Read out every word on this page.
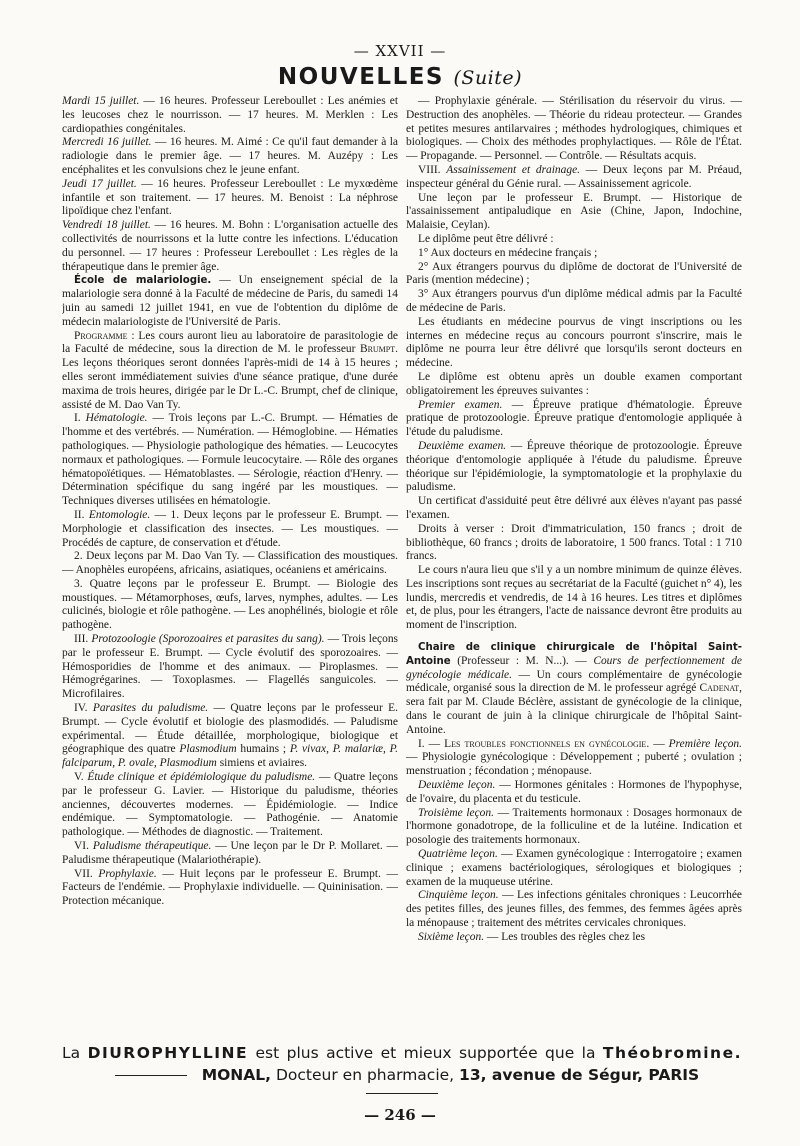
— XXVII —
NOUVELLES (Suite)

Mardi 15 juillet. — 16 heures. Professeur Lereboullet : Les anémies et les leucoses chez le nourrisson. — 17 heures. M. Merklen : Les cardiopathies congénitales.

Mercredi 16 juillet. — 16 heures. M. Aimé : Ce qu'il faut demander à la radiologie dans le premier âge. — 17 heures. M. Auzépy : Les encéphalites et les convulsions chez le jeune enfant.

Jeudi 17 juillet. — 16 heures. Professeur Lereboullet : Le myxœdème infantile et son traitement. — 17 heures. M. Benoist : La néphrose lipoïdique chez l'enfant.

Vendredi 18 juillet. — 16 heures. M. Bohn : L'organisation actuelle des collectivités de nourrissons et la lutte contre les infections. L'éducation du personnel. — 17 heures : Professeur Lereboullet : Les règles de la thérapeutique dans le premier âge.

École de malariologie. — Un enseignement spécial de la malariologie sera donné à la Faculté de médecine de Paris, du samedi 14 juin au samedi 12 juillet 1941, en vue de l'obtention du diplôme de médecin malariologiste de l'Université de Paris.

Programme : Les cours auront lieu au laboratoire de parasitologie de la Faculté de médecine, sous la direction de M. le professeur Brumpt. Les leçons théoriques seront données l'après-midi de 14 à 15 heures ; elles seront immédiatement suivies d'une séance pratique, d'une durée maxima de trois heures, dirigée par le Dr L.-C. Brumpt, chef de clinique, assisté de M. Dao Van Ty.

I. Hématologie. — Trois leçons par L.-C. Brumpt. — Hématies de l'homme et des vertébrés. — Numération. — Hémoglobine. — Hématies pathologiques. — Physiologie pathologique des hématies. — Leucocytes normaux et pathologiques. — Formule leucocytaire. — Rôle des organes hématopoïétiques. — Hématoblastes. — Sérologie, réaction d'Henry. — Détermination spécifique du sang ingéré par les moustiques. — Techniques diverses utilisées en hématologie.

II. Entomologie. — 1. Deux leçons par le professeur E. Brumpt. — Morphologie et classification des insectes. — Les moustiques. — Procédés de capture, de conservation et d'étude.

2. Deux leçons par M. Dao Van Ty. — Classification des moustiques. — Anophèles européens, africains, asiatiques, océaniens et américains.

3. Quatre leçons par le professeur E. Brumpt. — Biologie des moustiques. — Métamorphoses, œufs, larves, nymphes, adultes. — Les culicinés, biologie et rôle pathogène. — Les anophélinés, biologie et rôle pathogène.

III. Protozoologie (Sporozoaires et parasites du sang). — Trois leçons par le professeur E. Brumpt. — Cycle évolutif des sporozoaires. — Hémosporidies de l'homme et des animaux. — Piroplasmes. — Hémogrégarines. — Toxoplasmes. — Flagellés sanguicoles. — Microfilaires.

IV. Parasites du paludisme. — Quatre leçons par le professeur E. Brumpt. — Cycle évolutif et biologie des plasmodidés. — Paludisme expérimental. — Étude détaillée, morphologique, biologique et géographique des quatre Plasmodium humains ; P. vivax, P. malariæ, P. falciparum, P. ovale, Plasmodium simiens et aviaires.

V. Étude clinique et épidémiologique du paludisme. — Quatre leçons par le professeur G. Lavier. — Historique du paludisme, théories anciennes, découvertes modernes. — Épidémiologie. — Indice endémique. — Symptomatologie. — Pathogénie. — Anatomie pathologique. — Méthodes de diagnostic. — Traitement.

VI. Paludisme thérapeutique. — Une leçon par le Dr P. Mollaret. — Paludisme thérapeutique (Malariothérapie).

VII. Prophylaxie. — Huit leçons par le professeur E. Brumpt. — Facteurs de l'endémie. — Prophylaxie individuelle. — Quininisation. — Protection mécanique.

— Prophylaxie générale. — Stérilisation du réservoir du virus. — Destruction des anophèles. — Théorie du rideau protecteur. — Grandes et petites mesures antilarvaires ; méthodes hydrologiques, chimiques et biologiques. — Choix des méthodes prophylactiques. — Rôle de l'État. — Propagande. — Personnel. — Contrôle. — Résultats acquis.

VIII. Assainissement et drainage. — Deux leçons par M. Préaud, inspecteur général du Génie rural. — Assainissement agricole.

Une leçon par le professeur E. Brumpt. — Historique de l'assainissement antipaludique en Asie (Chine, Japon, Indochine, Malaisie, Ceylan).

Le diplôme peut être délivré :

1° Aux docteurs en médecine français ;

2° Aux étrangers pourvus du diplôme de doctorat de l'Université de Paris (mention médecine) ;

3° Aux étrangers pourvus d'un diplôme médical admis par la Faculté de médecine de Paris.

Les étudiants en médecine pourvus de vingt inscriptions ou les internes en médecine reçus au concours pourront s'inscrire, mais le diplôme ne pourra leur être délivré que lorsqu'ils seront docteurs en médecine.

Le diplôme est obtenu après un double examen comportant obligatoirement les épreuves suivantes :

Premier examen. — Épreuve pratique d'hématologie. Épreuve pratique de protozoologie. Épreuve pratique d'entomologie appliquée à l'étude du paludisme.

Deuxième examen. — Épreuve théorique de protozoologie. Épreuve théorique d'entomologie appliquée à l'étude du paludisme. Épreuve théorique sur l'épidémiologie, la symptomatologie et la prophylaxie du paludisme.

Un certificat d'assiduité peut être délivré aux élèves n'ayant pas passé l'examen.

Droits à verser : Droit d'immatriculation, 150 francs ; droit de bibliothèque, 60 francs ; droits de laboratoire, 1 500 francs. Total : 1 710 francs.

Le cours n'aura lieu que s'il y a un nombre minimum de quinze élèves. Les inscriptions sont reçues au secrétariat de la Faculté (guichet n° 4), les lundis, mercredis et vendredis, de 14 à 16 heures. Les titres et diplômes et, de plus, pour les étrangers, l'acte de naissance devront être produits au moment de l'inscription.

Chaire de clinique chirurgicale de l'hôpital Saint-Antoine (Professeur : M. N...). — Cours de perfectionnement de gynécologie médicale. — Un cours complémentaire de gynécologie médicale, organisé sous la direction de M. le professeur agrégé Cadenat, sera fait par M. Claude Béclère, assistant de gynécologie de la clinique, dans le courant de juin à la clinique chirurgicale de l'hôpital Saint-Antoine.

I. — Les troubles fonctionnels en gynécologie. — Première leçon. — Physiologie gynécologique : Développement ; puberté ; ovulation ; menstruation ; fécondation ; ménopause.

Deuxième leçon. — Hormones génitales : Hormones de l'hypophyse, de l'ovaire, du placenta et du testicule.

Troisième leçon. — Traitements hormonaux : Dosages hormonaux de l'hormone gonadotrope, de la folliculine et de la lutéine. Indication et posologie des traitements hormonaux.

Quatrième leçon. — Examen gynécologique : Interrogatoire ; examen clinique ; examens bactériologiques, sérologiques et biologiques ; examen de la muqueuse utérine.

Cinquième leçon. — Les infections génitales chroniques : Leucorrhée des petites filles, des jeunes filles, des femmes, des femmes âgées après la ménopause ; traitement des métrites cervicales chroniques.

Sixième leçon. — Les troubles des règles chez les

La DIUROPHYLLINE est plus active et mieux supportée que la Théobromine.
MONAL, Docteur en pharmacie, 13, avenue de Ségur, PARIS
— 246 —
